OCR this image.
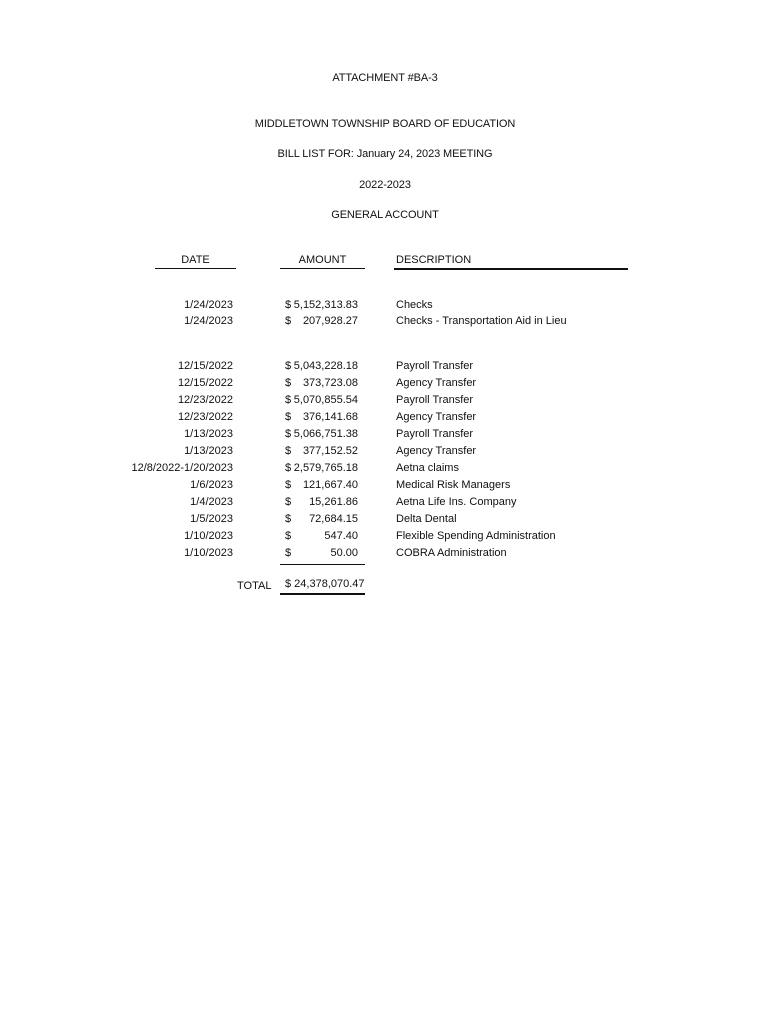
ATTACHMENT #BA-3
MIDDLETOWN TOWNSHIP BOARD OF EDUCATION
BILL LIST FOR: January 24, 2023 MEETING
2022-2023
GENERAL ACCOUNT
DATE	AMOUNT	DESCRIPTION
1/24/2023	$ 5,152,313.83	Checks
1/24/2023	$ 207,928.27	Checks - Transportation Aid in Lieu
12/15/2022	$ 5,043,228.18	Payroll Transfer
12/15/2022	$ 373,723.08	Agency Transfer
12/23/2022	$ 5,070,855.54	Payroll Transfer
12/23/2022	$ 376,141.68	Agency Transfer
1/13/2023	$ 5,066,751.38	Payroll Transfer
1/13/2023	$ 377,152.52	Agency Transfer
12/8/2022-1/20/2023	$ 2,579,765.18	Aetna claims
1/6/2023	$ 121,667.40	Medical Risk Managers
1/4/2023	$ 15,261.86	Aetna Life Ins. Company
1/5/2023	$ 72,684.15	Delta Dental
1/10/2023	$	547.40	Flexible Spending Administration
1/10/2023	$	50.00	COBRA Administration
TOTAL $ 24,378,070.47
